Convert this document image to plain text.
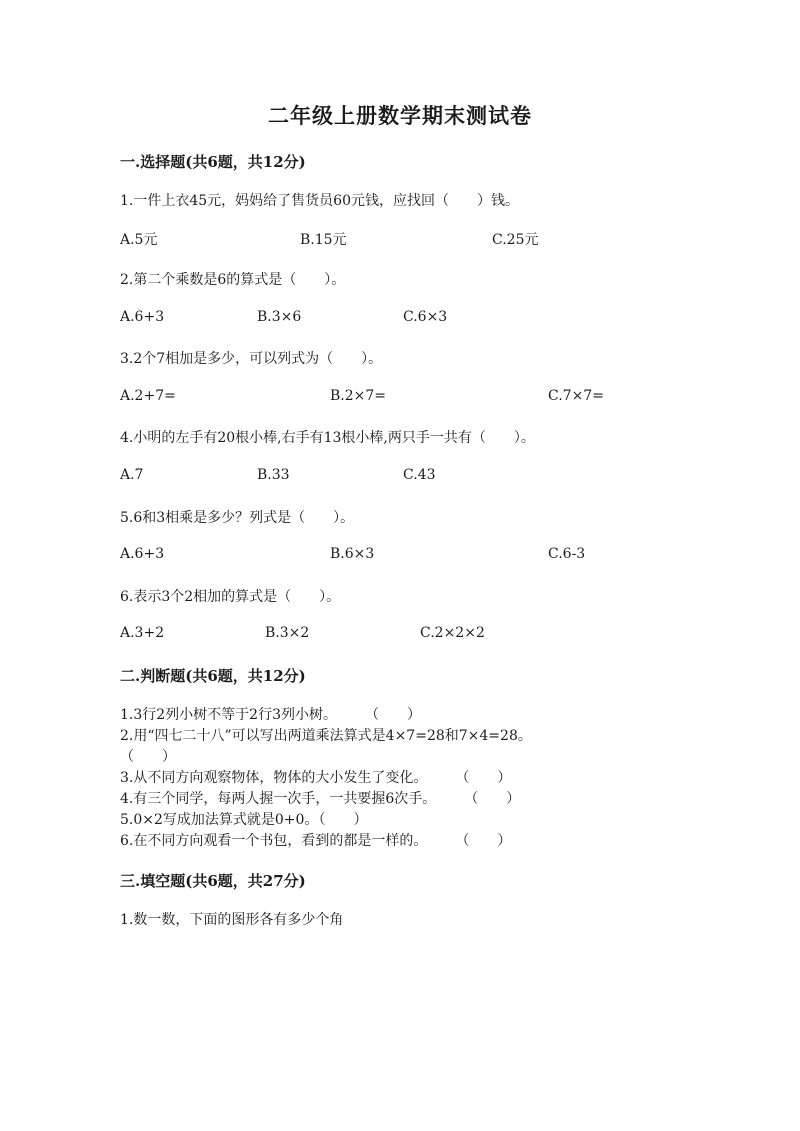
二年级上册数学期末测试卷
一.选择题(共6题，共12分)
1.一件上衣45元，妈妈给了售货员60元钱，应找回（　　）钱。
A.5元	B.15元	C.25元
2.第二个乘数是6的算式是（　　）。
A.6+3	B.3×6	C.6×3
3.2个7相加是多少，可以列式为（　　）。
A.2+7=	B.2×7=	C.7×7=
4.小明的左手有20根小棒,右手有13根小棒,两只手一共有（　　）。
A.7	B.33	C.43
5.6和3相乘是多少？列式是（　　）。
A.6+3	B.6×3	C.6-3
6.表示3个2相加的算式是（　　）。
A.3+2	B.3×2	C.2×2×2
二.判断题(共6题，共12分)
1.3行2列小树不等于2行3列小树。　　　（　　）
2.用“四七二十八”可以写出两道乘法算式是4×7=28和7×4=28。
（　　）
3.从不同方向观察物体，物体的大小发生了变化。　　　（　　）
4.有三个同学，每两人握一次手，一共要握6次手。　　　（　　）
5.0×2写成加法算式就是0+0。（　　）
6.在不同方向观看一个书包，看到的都是一样的。　　　（　　）
三.填空题(共6题，共27分)
1.数一数，下面的图形各有多少个角
